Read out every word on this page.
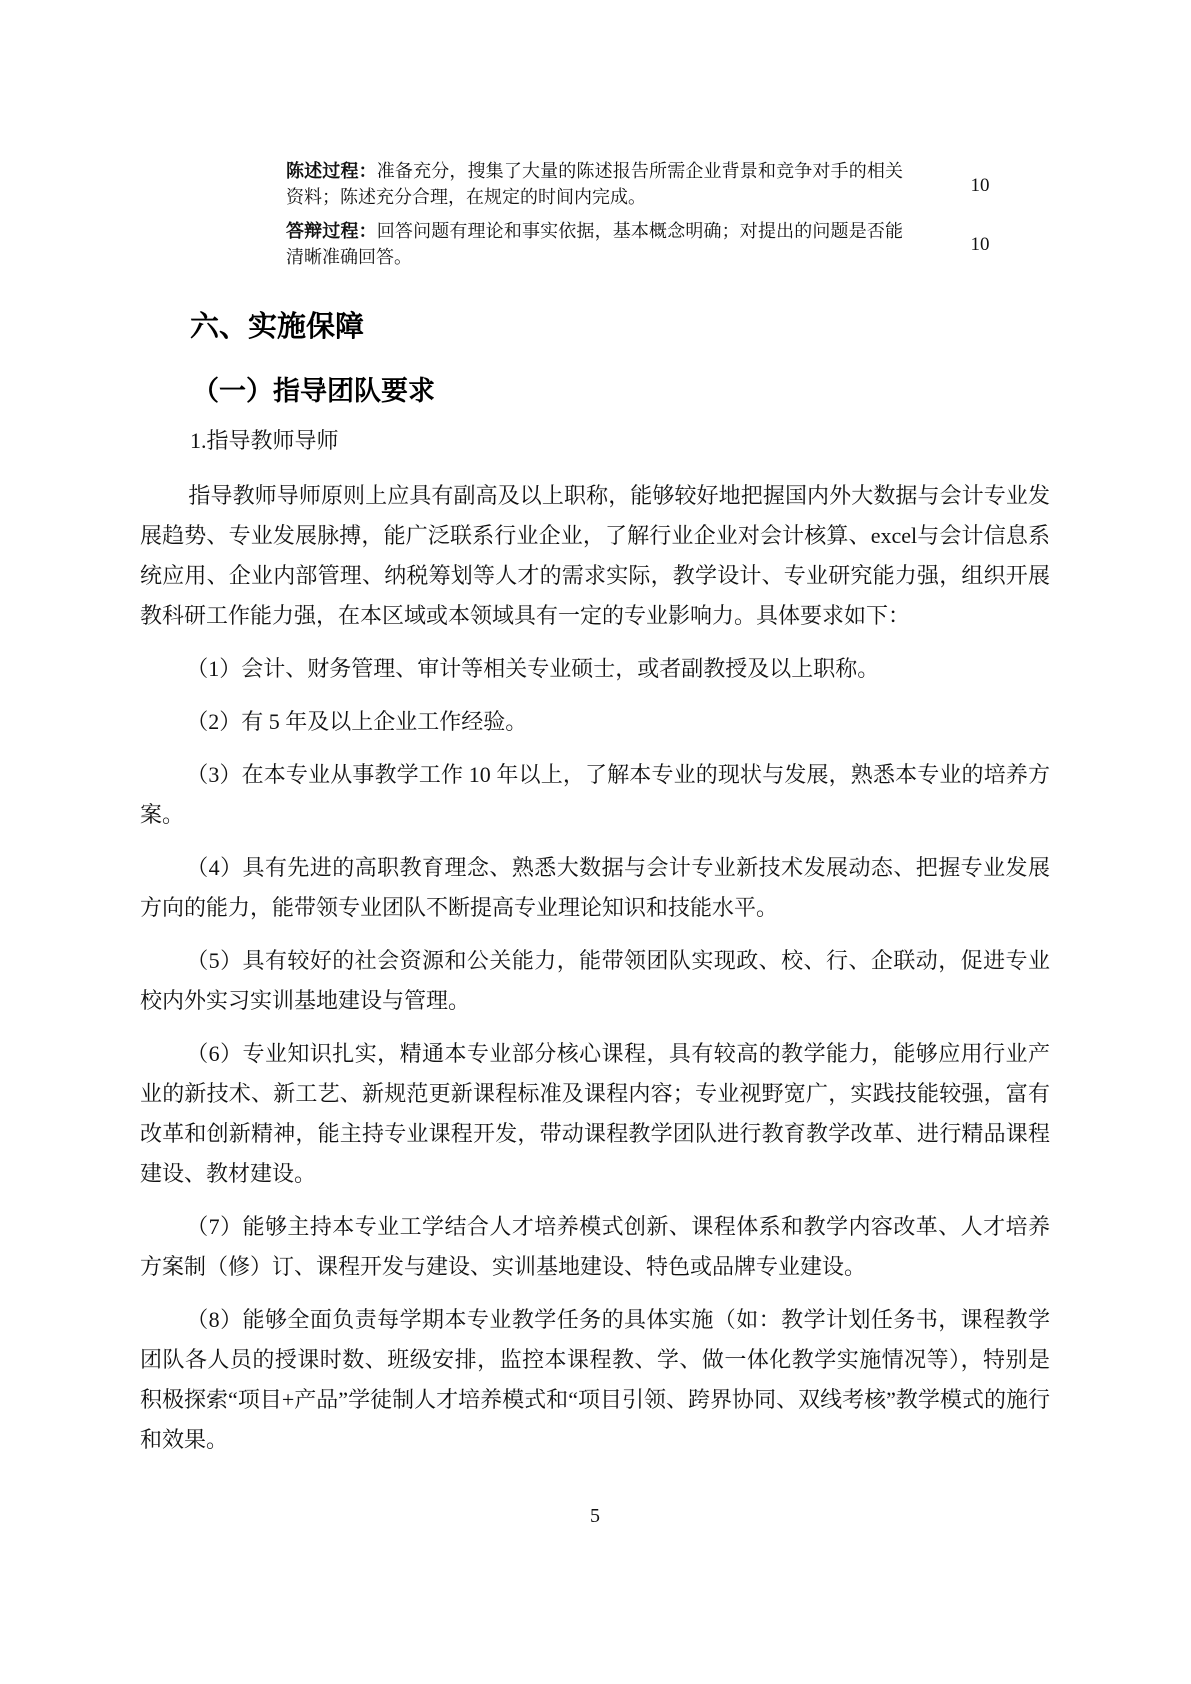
陈述过程：准备充分，搜集了大量的陈述报告所需企业背景和竞争对手的相关资料；陈述充分合理，在规定的时间内完成。
10
答辩过程：回答问题有理论和事实依据，基本概念明确；对提出的问题是否能清晰准确回答。
10
六、实施保障
（一）指导团队要求
1.指导教师导师
指导教师导师原则上应具有副高及以上职称，能够较好地把握国内外大数据与会计专业发展趋势、专业发展脉搏，能广泛联系行业企业，了解行业企业对会计核算、excel与会计信息系统应用、企业内部管理、纳税筹划等人才的需求实际，教学设计、专业研究能力强，组织开展教科研工作能力强，在本区域或本领域具有一定的专业影响力。具体要求如下：
（1）会计、财务管理、审计等相关专业硕士，或者副教授及以上职称。
（2）有 5 年及以上企业工作经验。
（3）在本专业从事教学工作 10 年以上，了解本专业的现状与发展，熟悉本专业的培养方案。
（4）具有先进的高职教育理念、熟悉大数据与会计专业新技术发展动态、把握专业发展方向的能力，能带领专业团队不断提高专业理论知识和技能水平。
（5）具有较好的社会资源和公关能力，能带领团队实现政、校、行、企联动，促进专业校内外实习实训基地建设与管理。
（6）专业知识扎实，精通本专业部分核心课程，具有较高的教学能力，能够应用行业产业的新技术、新工艺、新规范更新课程标准及课程内容；专业视野宽广，实践技能较强，富有改革和创新精神，能主持专业课程开发，带动课程教学团队进行教育教学改革、进行精品课程建设、教材建设。
（7）能够主持本专业工学结合人才培养模式创新、课程体系和教学内容改革、人才培养方案制（修）订、课程开发与建设、实训基地建设、特色或品牌专业建设。
（8）能够全面负责每学期本专业教学任务的具体实施（如：教学计划任务书，课程教学团队各人员的授课时数、班级安排，监控本课程教、学、做一体化教学实施情况等），特别是积极探索“项目+产品”学徒制人才培养模式和“项目引领、跨界协同、双线考核”教学模式的施行和效果。
5
